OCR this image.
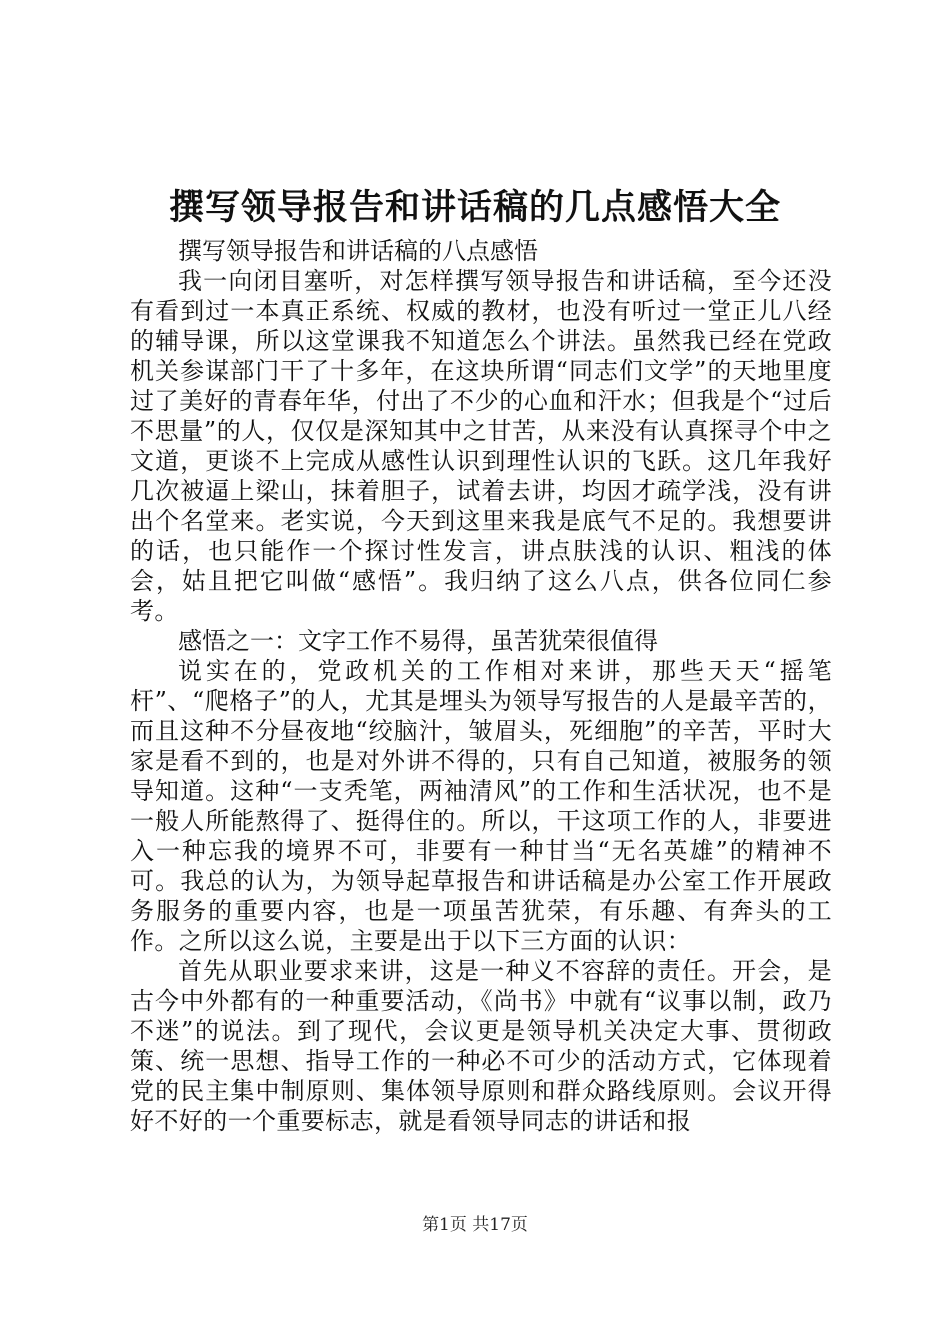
撰写领导报告和讲话稿的几点感悟大全

撰写领导报告和讲话稿的八点感悟

我一向闭目塞听，对怎样撰写领导报告和讲话稿，至今还没有看到过一本真正系统、权威的教材，也没有听过一堂正儿八经的辅导课，所以这堂课我不知道怎么个讲法。虽然我已经在党政机关参谋部门干了十多年，在这块所谓“同志们文学”的天地里度过了美好的青春年华，付出了不少的心血和汗水；但我是个“过后不思量”的人，仅仅是深知其中之甘苦，从来没有认真探寻个中之文道，更谈不上完成从感性认识到理性认识的飞跃。这几年我好几次被逼上梁山，抹着胆子，试着去讲，均因才疏学浅，没有讲出个名堂来。老实说，今天到这里来我是底气不足的。我想要讲的话，也只能作一个探讨性发言，讲点肤浅的认识、粗浅的体会，姑且把它叫做“感悟”。我归纳了这么八点，供各位同仁参考。

感悟之一：文字工作不易得，虽苦犹荣很值得

说实在的，党政机关的工作相对来讲，那些天天“摇笔杆”、“爬格子”的人，尤其是埋头为领导写报告的人是最辛苦的，而且这种不分昼夜地“绞脑汁，皱眉头，死细胞”的辛苦，平时大家是看不到的，也是对外讲不得的，只有自己知道，被服务的领导知道。这种“一支秃笔，两袖清风”的工作和生活状况，也不是一般人所能熬得了、挺得住的。所以，干这项工作的人，非要进入一种忘我的境界不可，非要有一种甘当“无名英雄”的精神不可。我总的认为，为领导起草报告和讲话稿是办公室工作开展政务服务的重要内容，也是一项虽苦犹荣，有乐趣、有奔头的工作。之所以这么说，主要是出于以下三方面的认识：

首先从职业要求来讲，这是一种义不容辞的责任。开会，是古今中外都有的一种重要活动，《尚书》中就有“议事以制，政乃不迷”的说法。到了现代，会议更是领导机关决定大事、贯彻政策、统一思想、指导工作的一种必不可少的活动方式，它体现着党的民主集中制原则、集体领导原则和群众路线原则。会议开得好不好的一个重要标志，就是看领导同志的讲话和报

第1页 共17页
